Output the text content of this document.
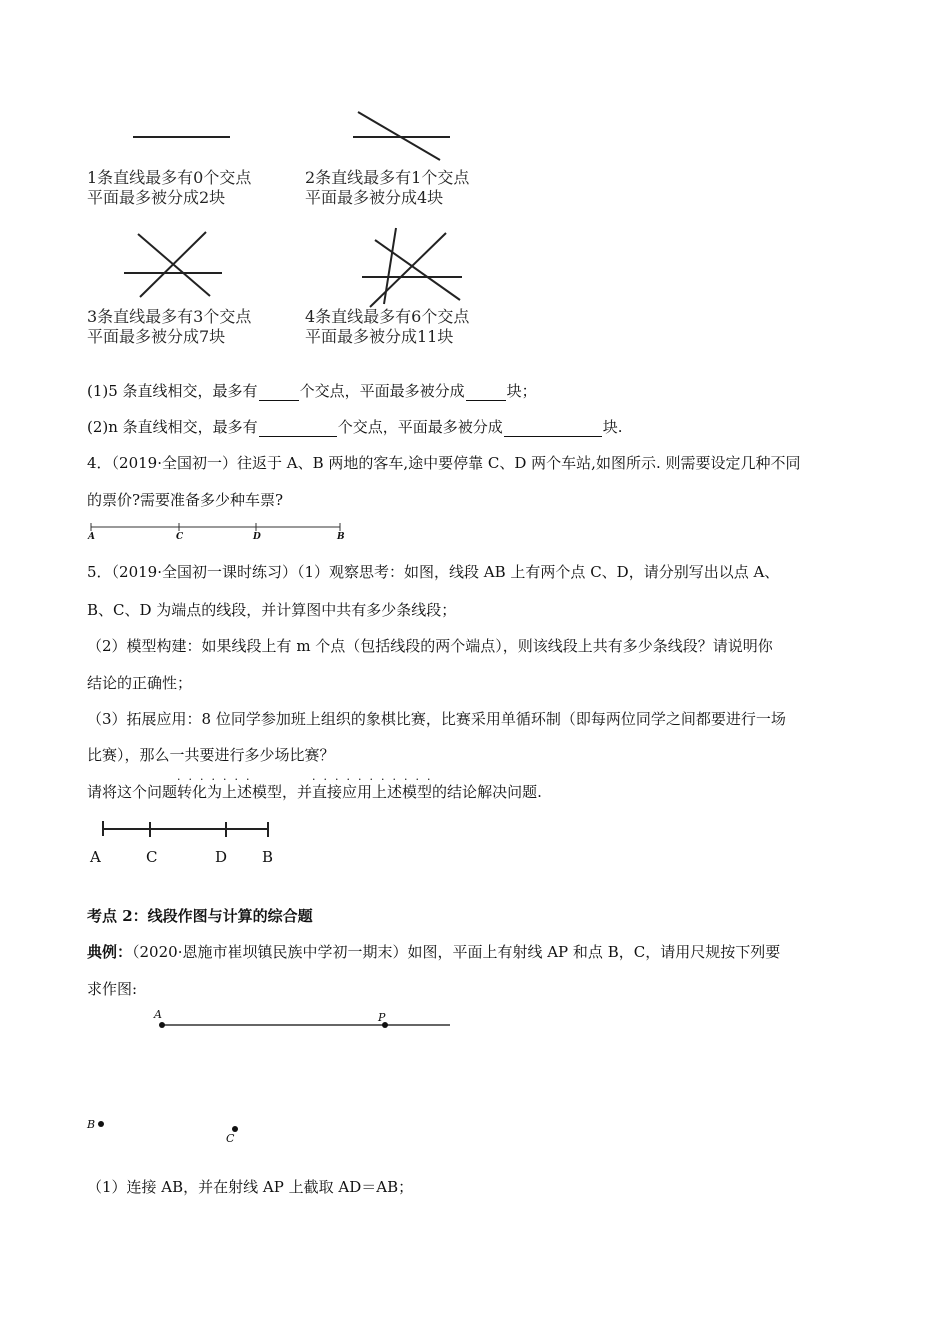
1条直线最多有0个交点
平面最多被分成2块
2条直线最多有1个交点
平面最多被分成4块
3条直线最多有3个交点
平面最多被分成7块
4条直线最多有6个交点
平面最多被分成11块
(1)5 条直线相交，最多有	个交点，平面最多被分成	块；
(2)n 条直线相交，最多有	个交点，平面最多被分成	块.
4．（2019·全国初一）往返于 A、B 两地的客车,途中要停靠 C、D 两个车站,如图所示. 则需要设定几种不同
的票价?需要准备多少种车票?
A	C	D	B
5．（2019·全国初一课时练习）（1）观察思考：如图，线段 AB 上有两个点 C、D，请分别写出以点 A、
B、C、D 为端点的线段，并计算图中共有多少条线段；
（2）模型构建：如果线段上有 m 个点（包括线段的两个端点），则该线段上共有多少条线段？请说明你
结论的正确性；
（3）拓展应用：8 位同学参加班上组织的象棋比赛，比赛采用单循环制（即每两位同学之间都要进行一场
比赛），那么一共要进行多少场比赛？
请将这个问题
·······
转化为上述模型，并
···········
直接应用上述模型的结论解决问题.
A	C	D B
考点 2：线段作图与计算的综合题
典例：（2020·恩施市崔坝镇民族中学初一期末）如图，平面上有射线 AP 和点 B，C，请用尺规按下列要
求作图:
A	P
B
C
（1）连接 AB，并在射线 AP 上截取 AD＝AB；
